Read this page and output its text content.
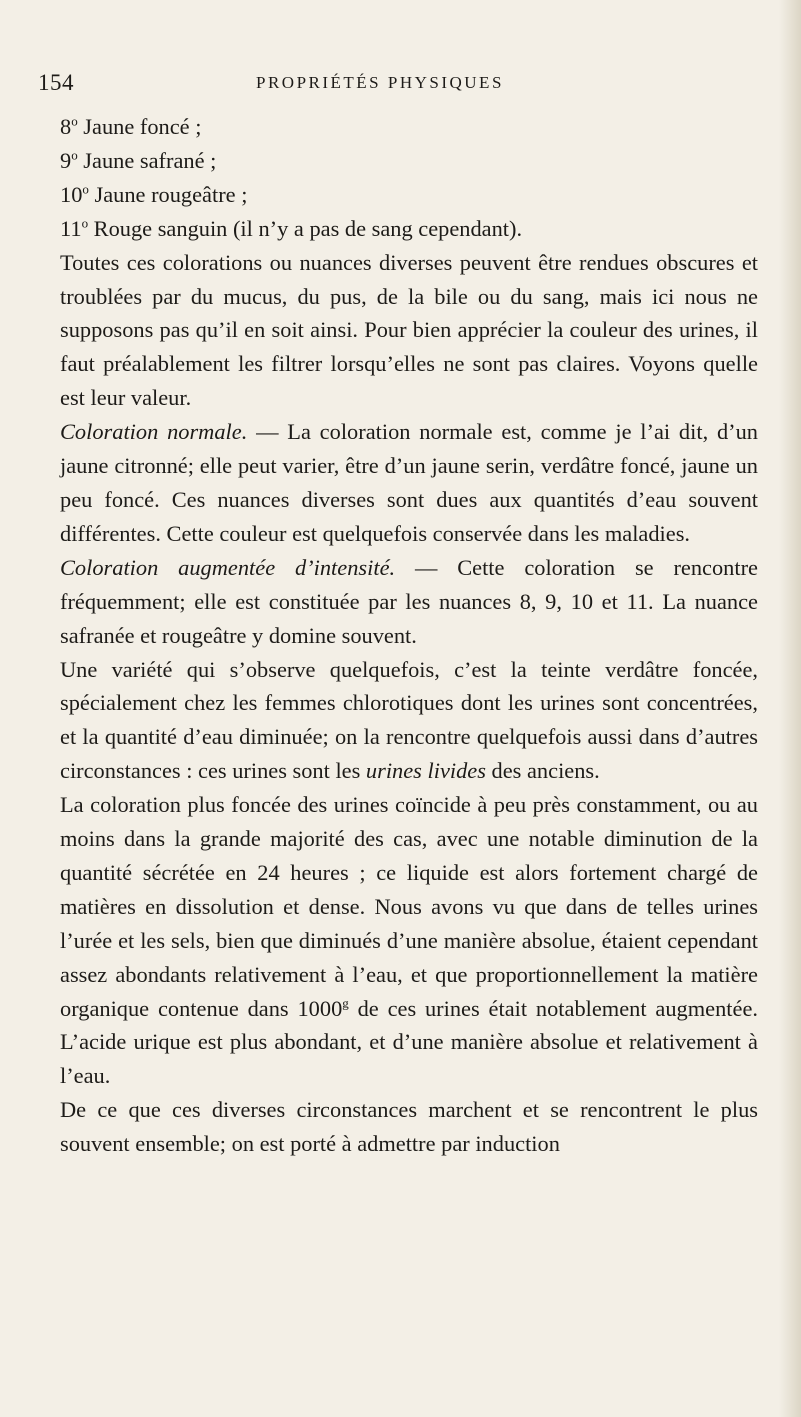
154	PROPRIÉTÉS PHYSIQUES
8$^o$ Jaune foncé ;
9$^o$ Jaune safrané ;
10$^o$ Jaune rougeâtre ;
11$^o$ Rouge sanguin (il n’y a pas de sang cependant).

Toutes ces colorations ou nuances diverses peuvent être rendues obscures et troublées par du mucus, du pus, de la bile ou du sang, mais ici nous ne supposons pas qu’il en soit ainsi. Pour bien apprécier la couleur des urines, il faut préalablement les filtrer lorsqu’elles ne sont pas claires. Voyons quelle est leur valeur.

Coloration normale. — La coloration normale est, comme je l’ai dit, d’un jaune citronné; elle peut varier, être d’un jaune serin, verdâtre foncé, jaune un peu foncé. Ces nuances diverses sont dues aux quantités d’eau souvent différentes. Cette couleur est quelquefois conservée dans les maladies.

Coloration augmentée d’intensité. — Cette coloration se rencontre fréquemment; elle est constituée par les nuances 8, 9, 10 et 11. La nuance safranée et rougeâtre y domine souvent.

Une variété qui s’observe quelquefois, c’est la teinte verdâtre foncée, spécialement chez les femmes chlorotiques dont les urines sont concentrées, et la quantité d’eau diminuée; on la rencontre quelquefois aussi dans d’autres circonstances : ces urines sont les urines livides des anciens.

La coloration plus foncée des urines coïncide à peu près constamment, ou au moins dans la grande majorité des cas, avec une notable diminution de la quantité sécrétée en 24 heures ; ce liquide est alors fortement chargé de matières en dissolution et dense. Nous avons vu que dans de telles urines l’urée et les sels, bien que diminués d’une manière absolue, étaient cependant assez abondants relativement à l’eau, et que proportionnellement la matière organique contenue dans 1000$^g$ de ces urines était notablement augmentée. L’acide urique est plus abondant, et d’une manière absolue et relativement à l’eau.

De ce que ces diverses circonstances marchent et se rencontrent le plus souvent ensemble; on est porté à admettre par induction
